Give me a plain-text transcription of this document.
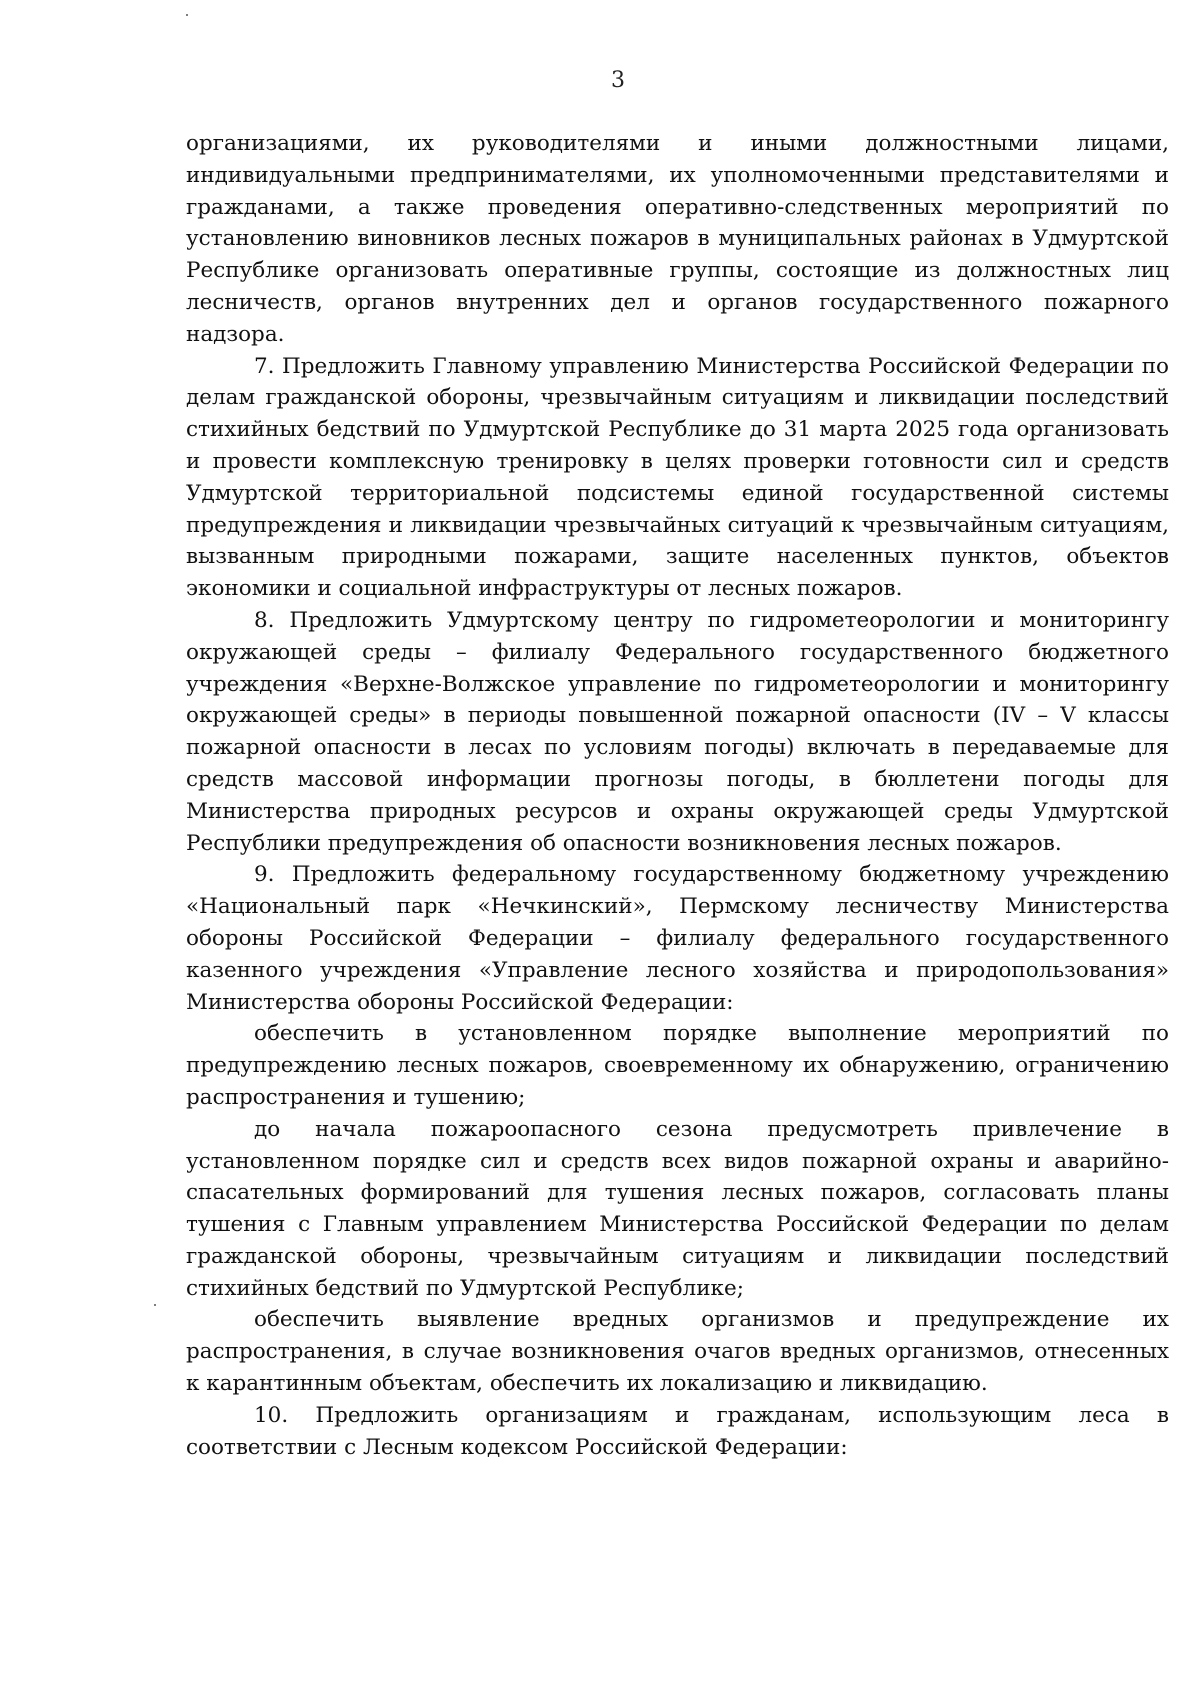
3

организациями, их руководителями и иными должностными лицами, индивидуальными предпринимателями, их уполномоченными представителями и гражданами, а также проведения оперативно-следственных мероприятий по установлению виновников лесных пожаров в муниципальных районах в Удмуртской Республике организовать оперативные группы, состоящие из должностных лиц лесничеств, органов внутренних дел и органов государственного пожарного надзора.

7. Предложить Главному управлению Министерства Российской Федерации по делам гражданской обороны, чрезвычайным ситуациям и ликвидации последствий стихийных бедствий по Удмуртской Республике до 31 марта 2025 года организовать и провести комплексную тренировку в целях проверки готовности сил и средств Удмуртской территориальной подсистемы единой государственной системы предупреждения и ликвидации чрезвычайных ситуаций к чрезвычайным ситуациям, вызванным природными пожарами, защите населенных пунктов, объектов экономики и социальной инфраструктуры от лесных пожаров.

8. Предложить Удмуртскому центру по гидрометеорологии и мониторингу окружающей среды – филиалу Федерального государственного бюджетного учреждения «Верхне-Волжское управление по гидрометеорологии и мониторингу окружающей среды» в периоды повышенной пожарной опасности (IV – V классы пожарной опасности в лесах по условиям погоды) включать в передаваемые для средств массовой информации прогнозы погоды, в бюллетени погоды для Министерства природных ресурсов и охраны окружающей среды Удмуртской Республики предупреждения об опасности возникновения лесных пожаров.

9. Предложить федеральному государственному бюджетному учреждению «Национальный парк «Нечкинский», Пермскому лесничеству Министерства обороны Российской Федерации – филиалу федерального государственного казенного учреждения «Управление лесного хозяйства и природопользования» Министерства обороны Российской Федерации:

обеспечить в установленном порядке выполнение мероприятий по предупреждению лесных пожаров, своевременному их обнаружению, ограничению распространения и тушению;

до начала пожароопасного сезона предусмотреть привлечение в установленном порядке сил и средств всех видов пожарной охраны и аварийно-спасательных формирований для тушения лесных пожаров, согласовать планы тушения с Главным управлением Министерства Российской Федерации по делам гражданской обороны, чрезвычайным ситуациям и ликвидации последствий стихийных бедствий по Удмуртской Республике;

обеспечить выявление вредных организмов и предупреждение их распространения, в случае возникновения очагов вредных организмов, отнесенных к карантинным объектам, обеспечить их локализацию и ликвидацию.

10. Предложить организациям и гражданам, использующим леса в соответствии с Лесным кодексом Российской Федерации:
